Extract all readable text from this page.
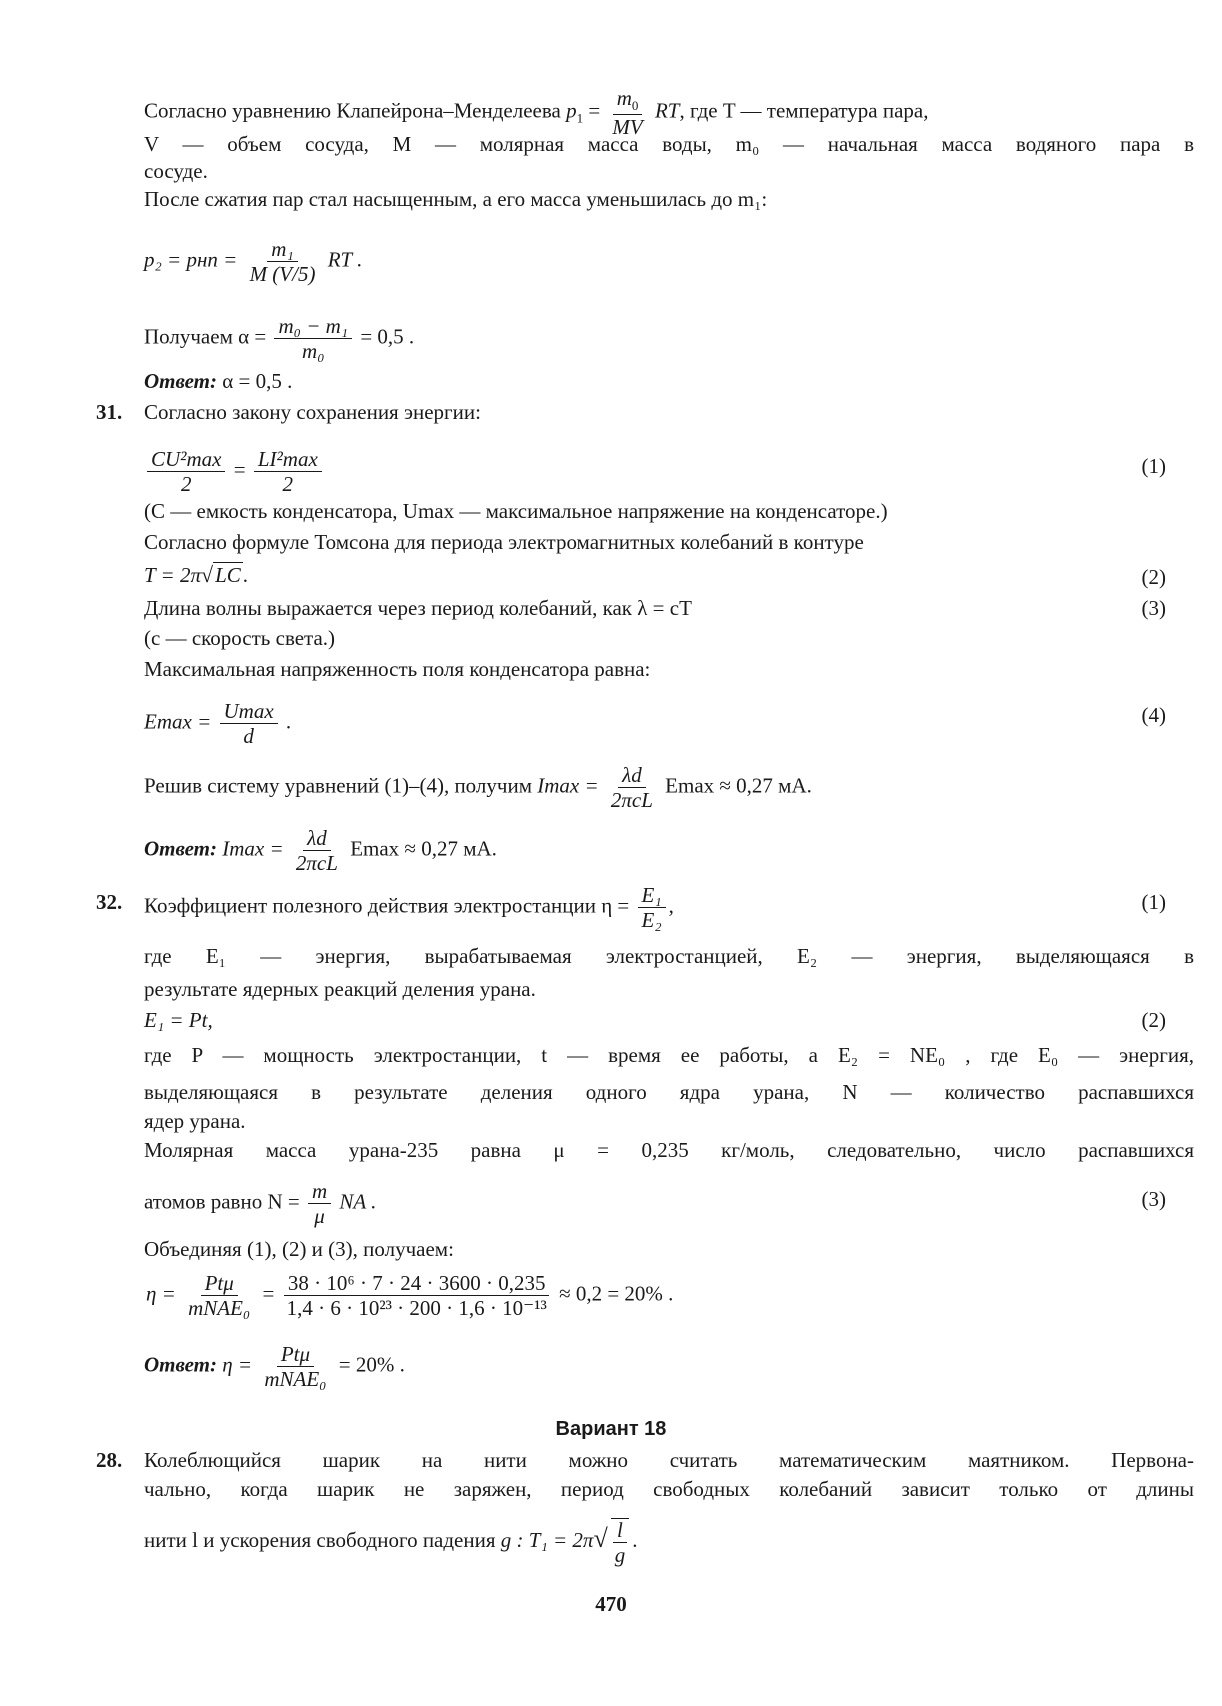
Согласно уравнению Клапейрона–Менделеева $p_1 = \frac{m_0}{MV}$ RT, где T — температура пара,
V — объем сосуда, M — молярная масса воды, m₀ — начальная масса водяного пара в
сосуде.
После сжатия пар стал насыщенным, а его масса уменьшилась до m₁:
p₂ = pнп = $\frac{\text{m₁}}{M (V/5)}$ RT .
Получаем $\alpha = \frac{\text{m₀ − m₁}}{\text{m₀}} = 0,5$ .
Ответ: α = 0,5 .
31. Согласно закону сохранения энергии:
$\frac{\text{CU²max}}{2} = \frac{\text{LI²max}}{2}$	(1)
(C — емкость конденсатора, Umax — максимальное напряжение на конденсаторе.)
Согласно формуле Томсона для периода электромагнитных колебаний в контуре
T = 2π√LC.	(2)
Длина волны выражается через период колебаний, как λ = cT	(3)
(c — скорость света.)
Максимальная напряженность поля конденсатора равна:
$Emax = \frac{Umax}{d}$ .	(4)
Решив систему уравнений (1)–(4), получим $Imax = \frac{\lambda d}{\text{2πcL}}$ Emax ≈ 0,27 мА.
Ответ: $Imax = \frac{\lambda d}{\text{2πcL}}$ Emax ≈ 0,27 мА.
32. Коэффициент полезного действия электростанции $\eta = \frac{\text{E₁}}{\text{E₂}}$ ,	(1)
где E₁ — энергия, вырабатываемая электростанцией, E₂ — энергия, выделяющаяся в
результате ядерных реакций деления урана.
E₁ = Pt,	(2)
где P — мощность электростанции, t — время ее работы, а E₂ = NE₀ , где E₀ — энергия,
выделяющаяся в результате деления одного ядра урана, N — количество распавшихся
ядер урана.
Молярная масса урана-235 равна μ = 0,235 кг/моль, следовательно, число распавшихся
атомов равно $N = \frac{m}{\mu}$ NA .	(3)
Объединяя (1), (2) и (3), получаем:
$\eta = \frac{\text{Ptμ}}{\text{mNAE₀}} = \frac{\text{38 · 10⁶ · 7 · 24 · 3600 · 0,235}}{\text{1,4 · 6 · 10²³ · 200 · 1,6 · 10⁻¹³}} \approx 0,2 = 20\%$ .
Ответ: $\eta = \frac{\text{Ptμ}}{\text{mNAE₀}} = 20\%$ .
Вариант 18
28. Колеблющийся шарик на нити можно считать математическим маятником. Первона-
чально, когда шарик не заряжен, период свободных колебаний зависит только от длины
нити l и ускорения свободного падения g : $T_1 = 2\pi√ \frac{l}{g}$ .
470
